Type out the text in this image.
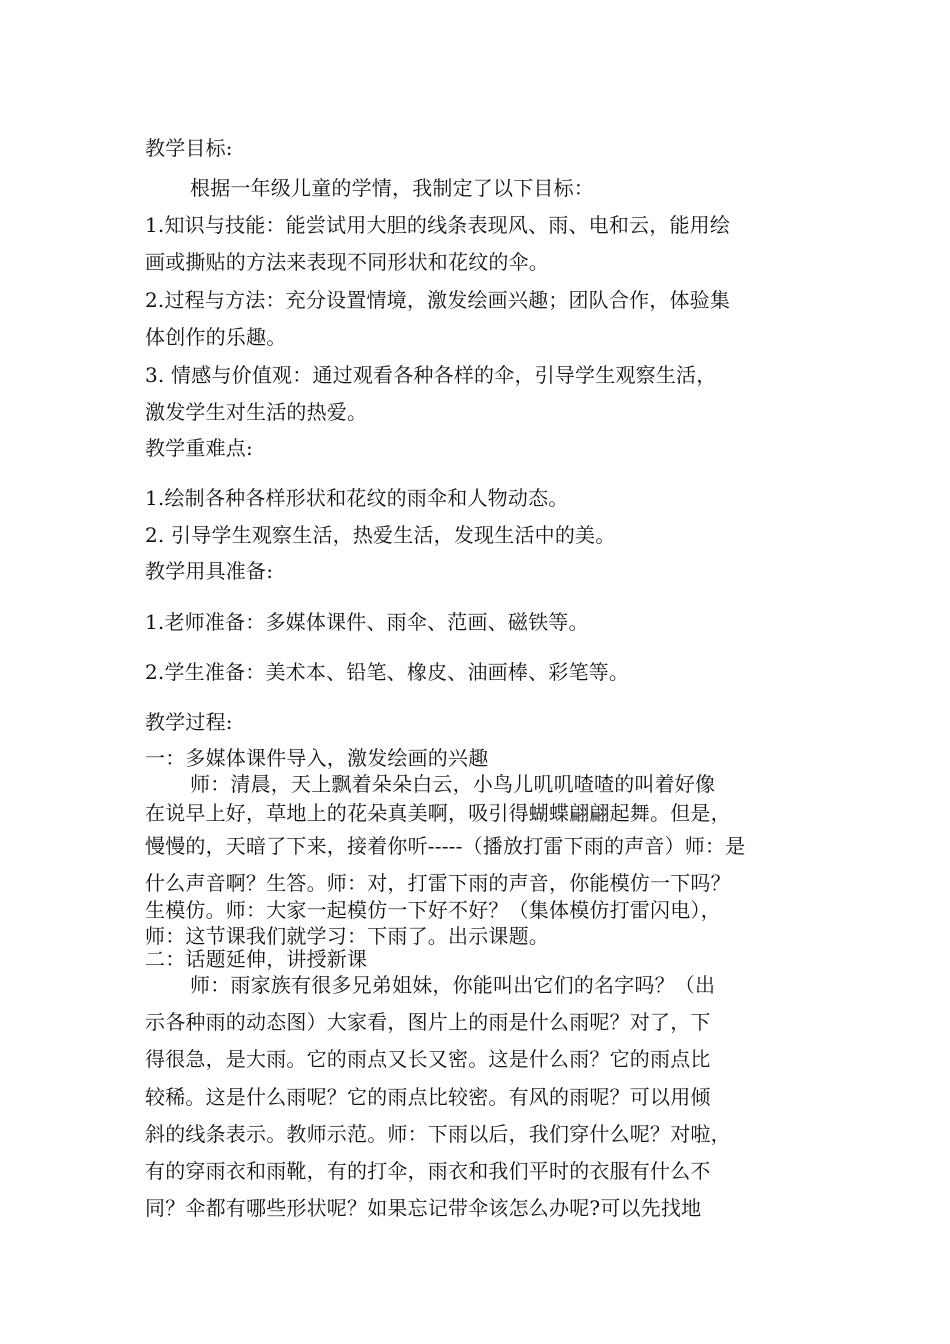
教学目标:
根据一年级儿童的学情，我制定了以下目标：
1.知识与技能：能尝试用大胆的线条表现风、雨、电和云，能用绘
画或撕贴的方法来表现不同形状和花纹的伞。
2.过程与方法：充分设置情境，激发绘画兴趣；团队合作，体验集
体创作的乐趣。
3. 情感与价值观：通过观看各种各样的伞，引导学生观察生活，
激发学生对生活的热爱。
教学重难点:
1.绘制各种各样形状和花纹的雨伞和人物动态。
2. 引导学生观察生活，热爱生活，发现生活中的美。
教学用具准备:
1.老师准备：多媒体课件、雨伞、范画、磁铁等。
2.学生准备：美术本、铅笔、橡皮、油画棒、彩笔等。
教学过程:
一：多媒体课件导入，激发绘画的兴趣
师：清晨，天上飘着朵朵白云，小鸟儿叽叽喳喳的叫着好像
在说早上好，草地上的花朵真美啊，吸引得蝴蝶翩翩起舞。但是，
慢慢的，天暗了下来，接着你听-----（播放打雷下雨的声音）师：是
什么声音啊？生答。师：对，打雷下雨的声音，你能模仿一下吗？
生模仿。师：大家一起模仿一下好不好？（集体模仿打雷闪电），
师：这节课我们就学习：下雨了。出示课题。
二：话题延伸，讲授新课
师：雨家族有很多兄弟姐妹，你能叫出它们的名字吗？（出
示各种雨的动态图）大家看，图片上的雨是什么雨呢？对了，下
得很急，是大雨。它的雨点又长又密。这是什么雨？它的雨点比
较稀。这是什么雨呢？它的雨点比较密。有风的雨呢？可以用倾
斜的线条表示。教师示范。师：下雨以后，我们穿什么呢？对啦，
有的穿雨衣和雨靴，有的打伞，雨衣和我们平时的衣服有什么不
同？伞都有哪些形状呢？如果忘记带伞该怎么办呢?可以先找地
